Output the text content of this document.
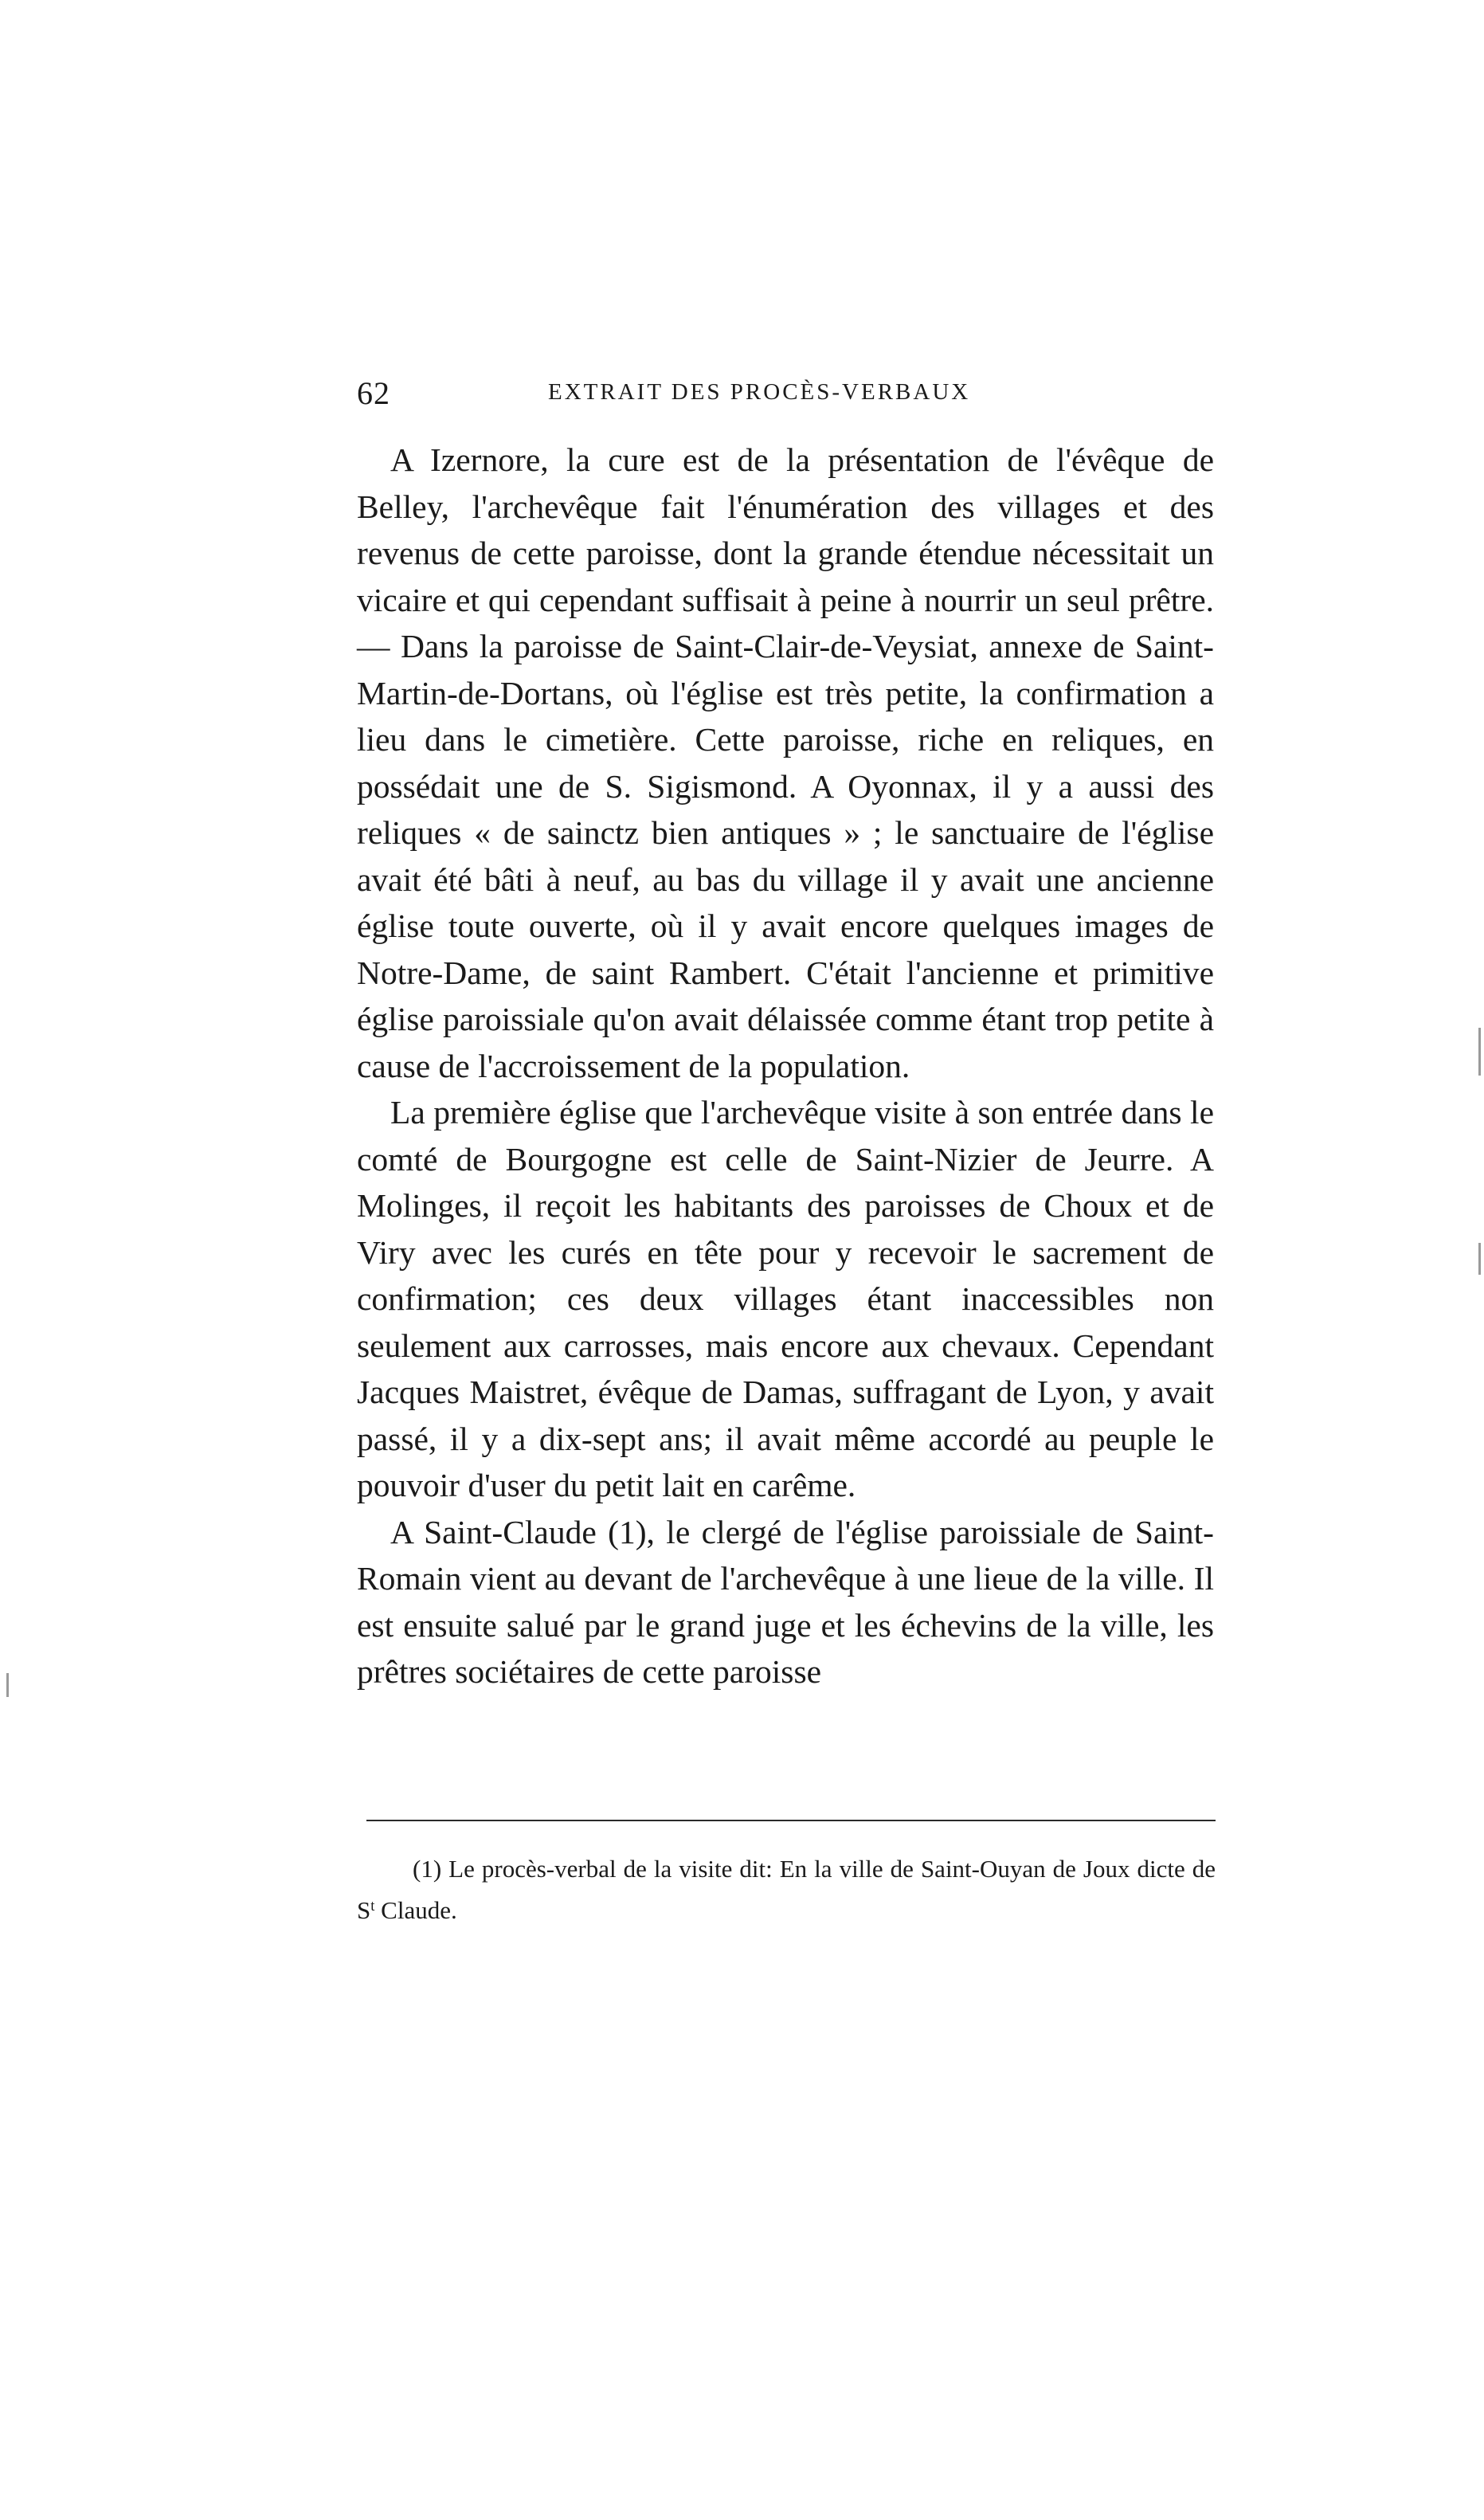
62	EXTRAIT DES PROCÈS-VERBAUX

A Izernore, la cure est de la présentation de l'évêque de Belley, l'archevêque fait l'énumération des villages et des revenus de cette paroisse, dont la grande étendue nécessitait un vicaire et qui cependant suffisait à peine à nourrir un seul prêtre. — Dans la paroisse de Saint-Clair-de-Veysiat, annexe de Saint-Martin-de-Dortans, où l'église est très petite, la confirmation a lieu dans le cimetière. Cette paroisse, riche en reliques, en possédait une de S. Sigismond. A Oyonnax, il y a aussi des reliques « de sainctz bien antiques » ; le sanctuaire de l'église avait été bâti à neuf, au bas du village il y avait une ancienne église toute ouverte, où il y avait encore quelques images de Notre-Dame, de saint Rambert. C'était l'ancienne et primitive église paroissiale qu'on avait délaissée comme étant trop petite à cause de l'accroissement de la population.

La première église que l'archevêque visite à son entrée dans le comté de Bourgogne est celle de Saint-Nizier de Jeurre. A Molinges, il reçoit les habitants des paroisses de Choux et de Viry avec les curés en tête pour y recevoir le sacrement de confirmation; ces deux villages étant inaccessibles non seulement aux carrosses, mais encore aux chevaux. Cependant Jacques Maistret, évêque de Damas, suffragant de Lyon, y avait passé, il y a dix-sept ans; il avait même accordé au peuple le pouvoir d'user du petit lait en carême.

A Saint-Claude (1), le clergé de l'église paroissiale de Saint-Romain vient au devant de l'archevêque à une lieue de la ville. Il est ensuite salué par le grand juge et les échevins de la ville, les prêtres sociétaires de cette paroisse

(1) Le procès-verbal de la visite dit: En la ville de Saint-Ouyan de Joux dicte de $S^t$ Claude.
